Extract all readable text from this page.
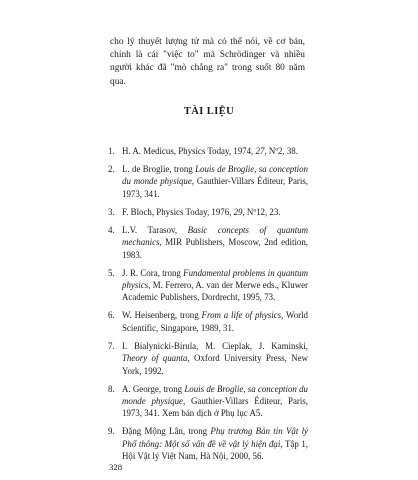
cho lý thuyết lượng tử mà có thể nói, về cơ bản, chính là cái "việc to" mà Schrödinger và nhiều người khác đã "mò chẳng ra" trong suốt 80 năm qua.

TÀI LIỆU
1. H. A. Medicus, Physics Today, 1974, 27, Nº2, 38.
2. L. de Broglie, trong Louis de Broglie, sa conception du monde physique, Gauthier-Villars Éditeur, Paris, 1973, 341.
3. F. Bloch, Physics Today, 1976, 29, Nº12, 23.
4. L.V. Tarasov, Basic concepts of quantum mechanics, MIR Publishers, Moscow, 2nd edition, 1983.
5. J. R. Cora, trong Fundamental problems in quantum physics, M. Ferrero, A. van der Merwe eds., Kluwer Academic Publishers, Dordrecht, 1995, 73.
6. W. Heisenberg, trong From a life of physics, World Scientific, Singapore, 1989, 31.
7. I. Bialynicki-Birula, M. Cieplak, J. Kaminski, Theory of quanta, Oxford University Press, New York, 1992.
8. A. George, trong Louis de Broglie, sa conception du monde physique, Gauthier-Villars Éditeur, Paris, 1973, 341. Xem bản dịch ở Phụ lục A5.
9. Đặng Mộng Lân, trong Phụ trương Bản tin Vật lý Phổ thông: Một số vấn đề về vật lý hiện đại, Tập 1, Hội Vật lý Việt Nam, Hà Nội, 2000, 56.
328
